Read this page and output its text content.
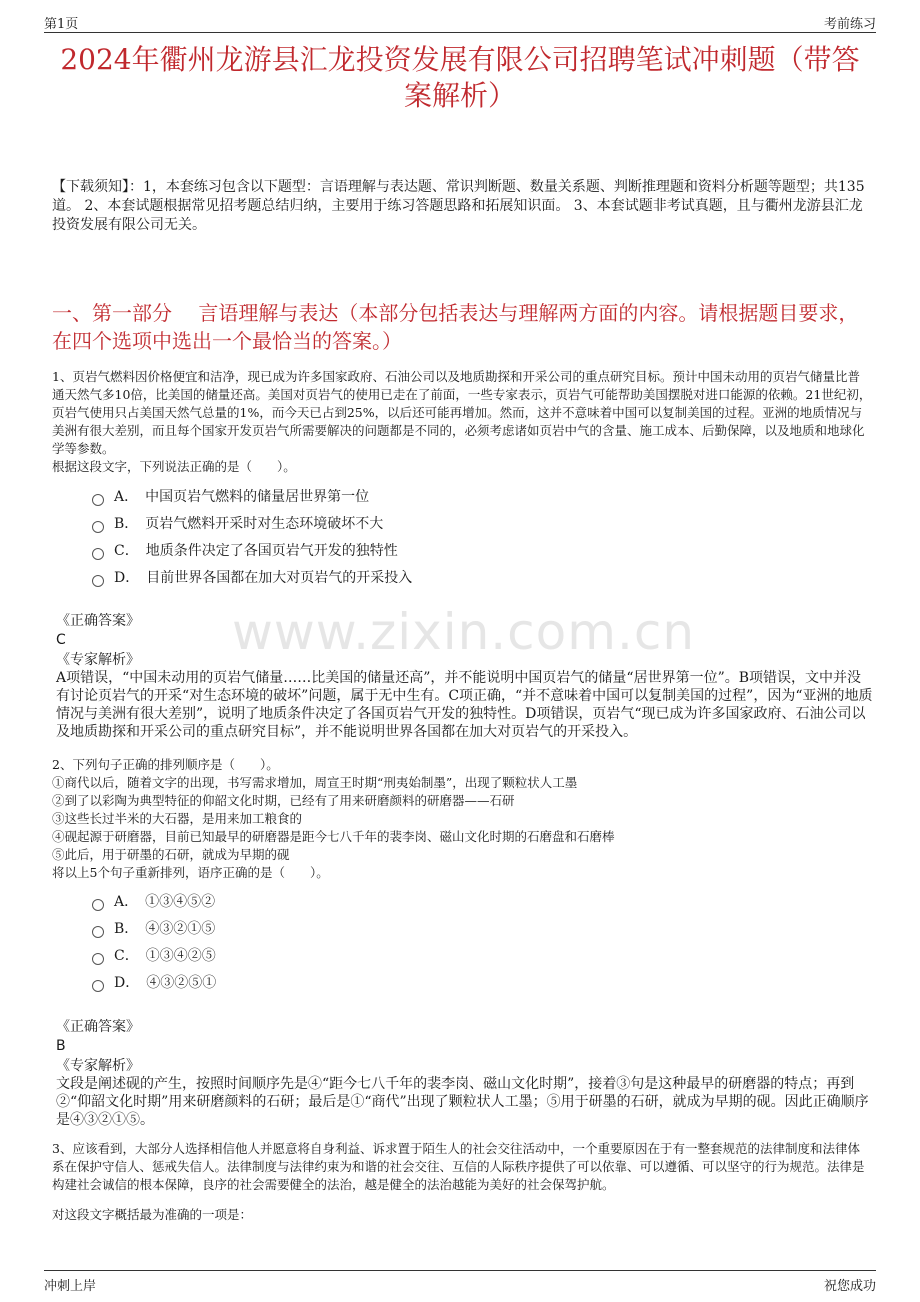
第1页	考前练习
2024年衢州龙游县汇龙投资发展有限公司招聘笔试冲刺题（带答案解析）
【下载须知】：1，本套练习包含以下题型：言语理解与表达题、常识判断题、数量关系题、判断推理题和资料分析题等题型；共135道。 2、本套试题根据常见招考题总结归纳，主要用于练习答题思路和拓展知识面。 3、本套试题非考试真题，且与衢州龙游县汇龙投资发展有限公司无关。
一、第一部分　 言语理解与表达（本部分包括表达与理解两方面的内容。请根据题目要求，在四个选项中选出一个最恰当的答案。）

1、页岩气燃料因价格便宜和洁净，现已成为许多国家政府、石油公司以及地质勘探和开采公司的重点研究目标。预计中国未动用的页岩气储量比普通天然气多10倍，比美国的储量还高。美国对页岩气的使用已走在了前面，一些专家表示，页岩气可能帮助美国摆脱对进口能源的依赖。21世纪初，页岩气使用只占美国天然气总量的1%，而今天已占到25%，以后还可能再增加。然而，这并不意味着中国可以复制美国的过程。亚洲的地质情况与美洲有很大差别，而且每个国家开发页岩气所需要解决的问题都是不同的，必须考虑诸如页岩中气的含量、施工成本、后勤保障，以及地质和地球化学等参数。

根据这段文字，下列说法正确的是（　　）。

A．　中国页岩气燃料的储量居世界第一位
B．　页岩气燃料开采时对生态环境破坏不大
C．　地质条件决定了各国页岩气开发的独特性
D．　目前世界各国都在加大对页岩气的开采投入

《正确答案》

C

《专家解析》

A项错误，“中国未动用的页岩气储量……比美国的储量还高”，并不能说明中国页岩气的储量“居世界第一位”。B项错误，文中并没有讨论页岩气的开采“对生态环境的破坏”问题，属于无中生有。C项正确，“并不意味着中国可以复制美国的过程”，因为“亚洲的地质情况与美洲有很大差别”，说明了地质条件决定了各国页岩气开发的独特性。D项错误，页岩气“现已成为许多国家政府、石油公司以及地质勘探和开采公司的重点研究目标”，并不能说明世界各国都在加大对页岩气的开采投入。

2、下列句子正确的排列顺序是（　　）。

①商代以后，随着文字的出现，书写需求增加，周宣王时期“刑夷始制墨”，出现了颗粒状人工墨

②到了以彩陶为典型特征的仰韶文化时期，已经有了用来研磨颜料的研磨器——石研

③这些长过半米的大石器，是用来加工粮食的

④砚起源于研磨器，目前已知最早的研磨器是距今七八千年的裴李岗、磁山文化时期的石磨盘和石磨棒

⑤此后，用于研墨的石研，就成为早期的砚

将以上5个句子重新排列，语序正确的是（　　）。

A．　①③④⑤②
B．　④③②①⑤
C．　①③④②⑤
D．　④③②⑤①

《正确答案》

B

《专家解析》

文段是阐述砚的产生，按照时间顺序先是④“距今七八千年的裴李岗、磁山文化时期”，接着③句是这种最早的研磨器的特点；再到②“仰韶文化时期”用来研磨颜料的石研；最后是①“商代”出现了颗粒状人工墨；⑤用于研墨的石研，就成为早期的砚。因此正确顺序是④③②①⑤。

3、应该看到，大部分人选择相信他人并愿意将自身利益、诉求置于陌生人的社会交往活动中，一个重要原因在于有一整套规范的法律制度和法律体系在保护守信人、惩戒失信人。法律制度与法律约束为和谐的社会交往、互信的人际秩序提供了可以依靠、可以遵循、可以坚守的行为规范。法律是构建社会诚信的根本保障，良序的社会需要健全的法治，越是健全的法治越能为美好的社会保驾护航。

对这段文字概括最为准确的一项是：

www.zixin.com.cn
冲刺上岸	祝您成功
